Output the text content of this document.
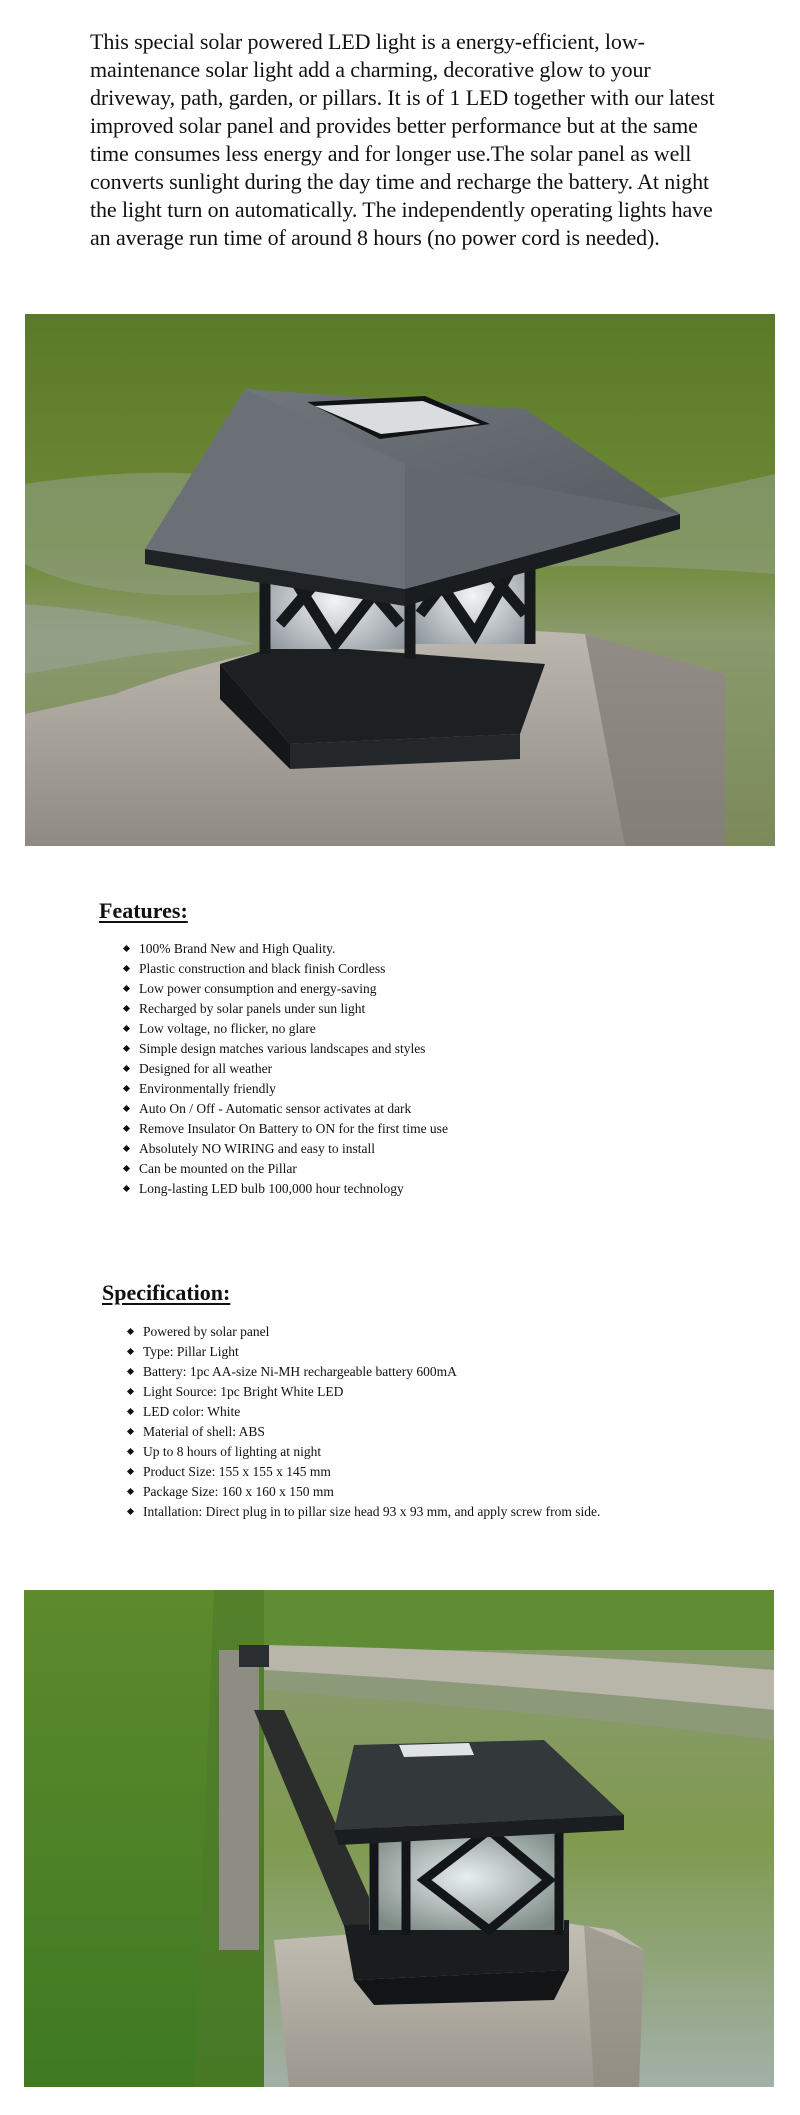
This special solar powered LED light is a energy-efficient, low-maintenance solar light add a charming, decorative glow to your driveway, path, garden, or pillars. It is of 1 LED together with our latest improved solar panel and provides better performance but at the same time consumes less energy and for longer use.The solar panel as well converts sunlight during the day time and recharge the battery. At night the light turn on automatically. The independently operating lights have an average run time of around 8 hours (no power cord is needed).

Features:
100% Brand New and High Quality.
Plastic construction and black finish Cordless
Low power consumption and energy-saving
Recharged by solar panels under sun light
Low voltage, no flicker, no glare
Simple design matches various landscapes and styles
Designed for all weather
Environmentally friendly
Auto On / Off - Automatic sensor activates at dark
Remove Insulator On Battery to ON for the first time use
Absolutely NO WIRING and easy to install
Can be mounted on the Pillar
Long-lasting LED bulb 100,000 hour technology
Specification:
Powered by solar panel
Type: Pillar Light
Battery: 1pc AA-size Ni-MH rechargeable battery 600mA
Light Source: 1pc Bright White LED
LED color: White
Material of shell: ABS
Up to 8 hours of lighting at night
Product Size: 155 x 155 x 145 mm
Package Size: 160 x 160 x 150 mm
Intallation: Direct plug in to pillar size head 93 x 93 mm, and apply screw from side.
